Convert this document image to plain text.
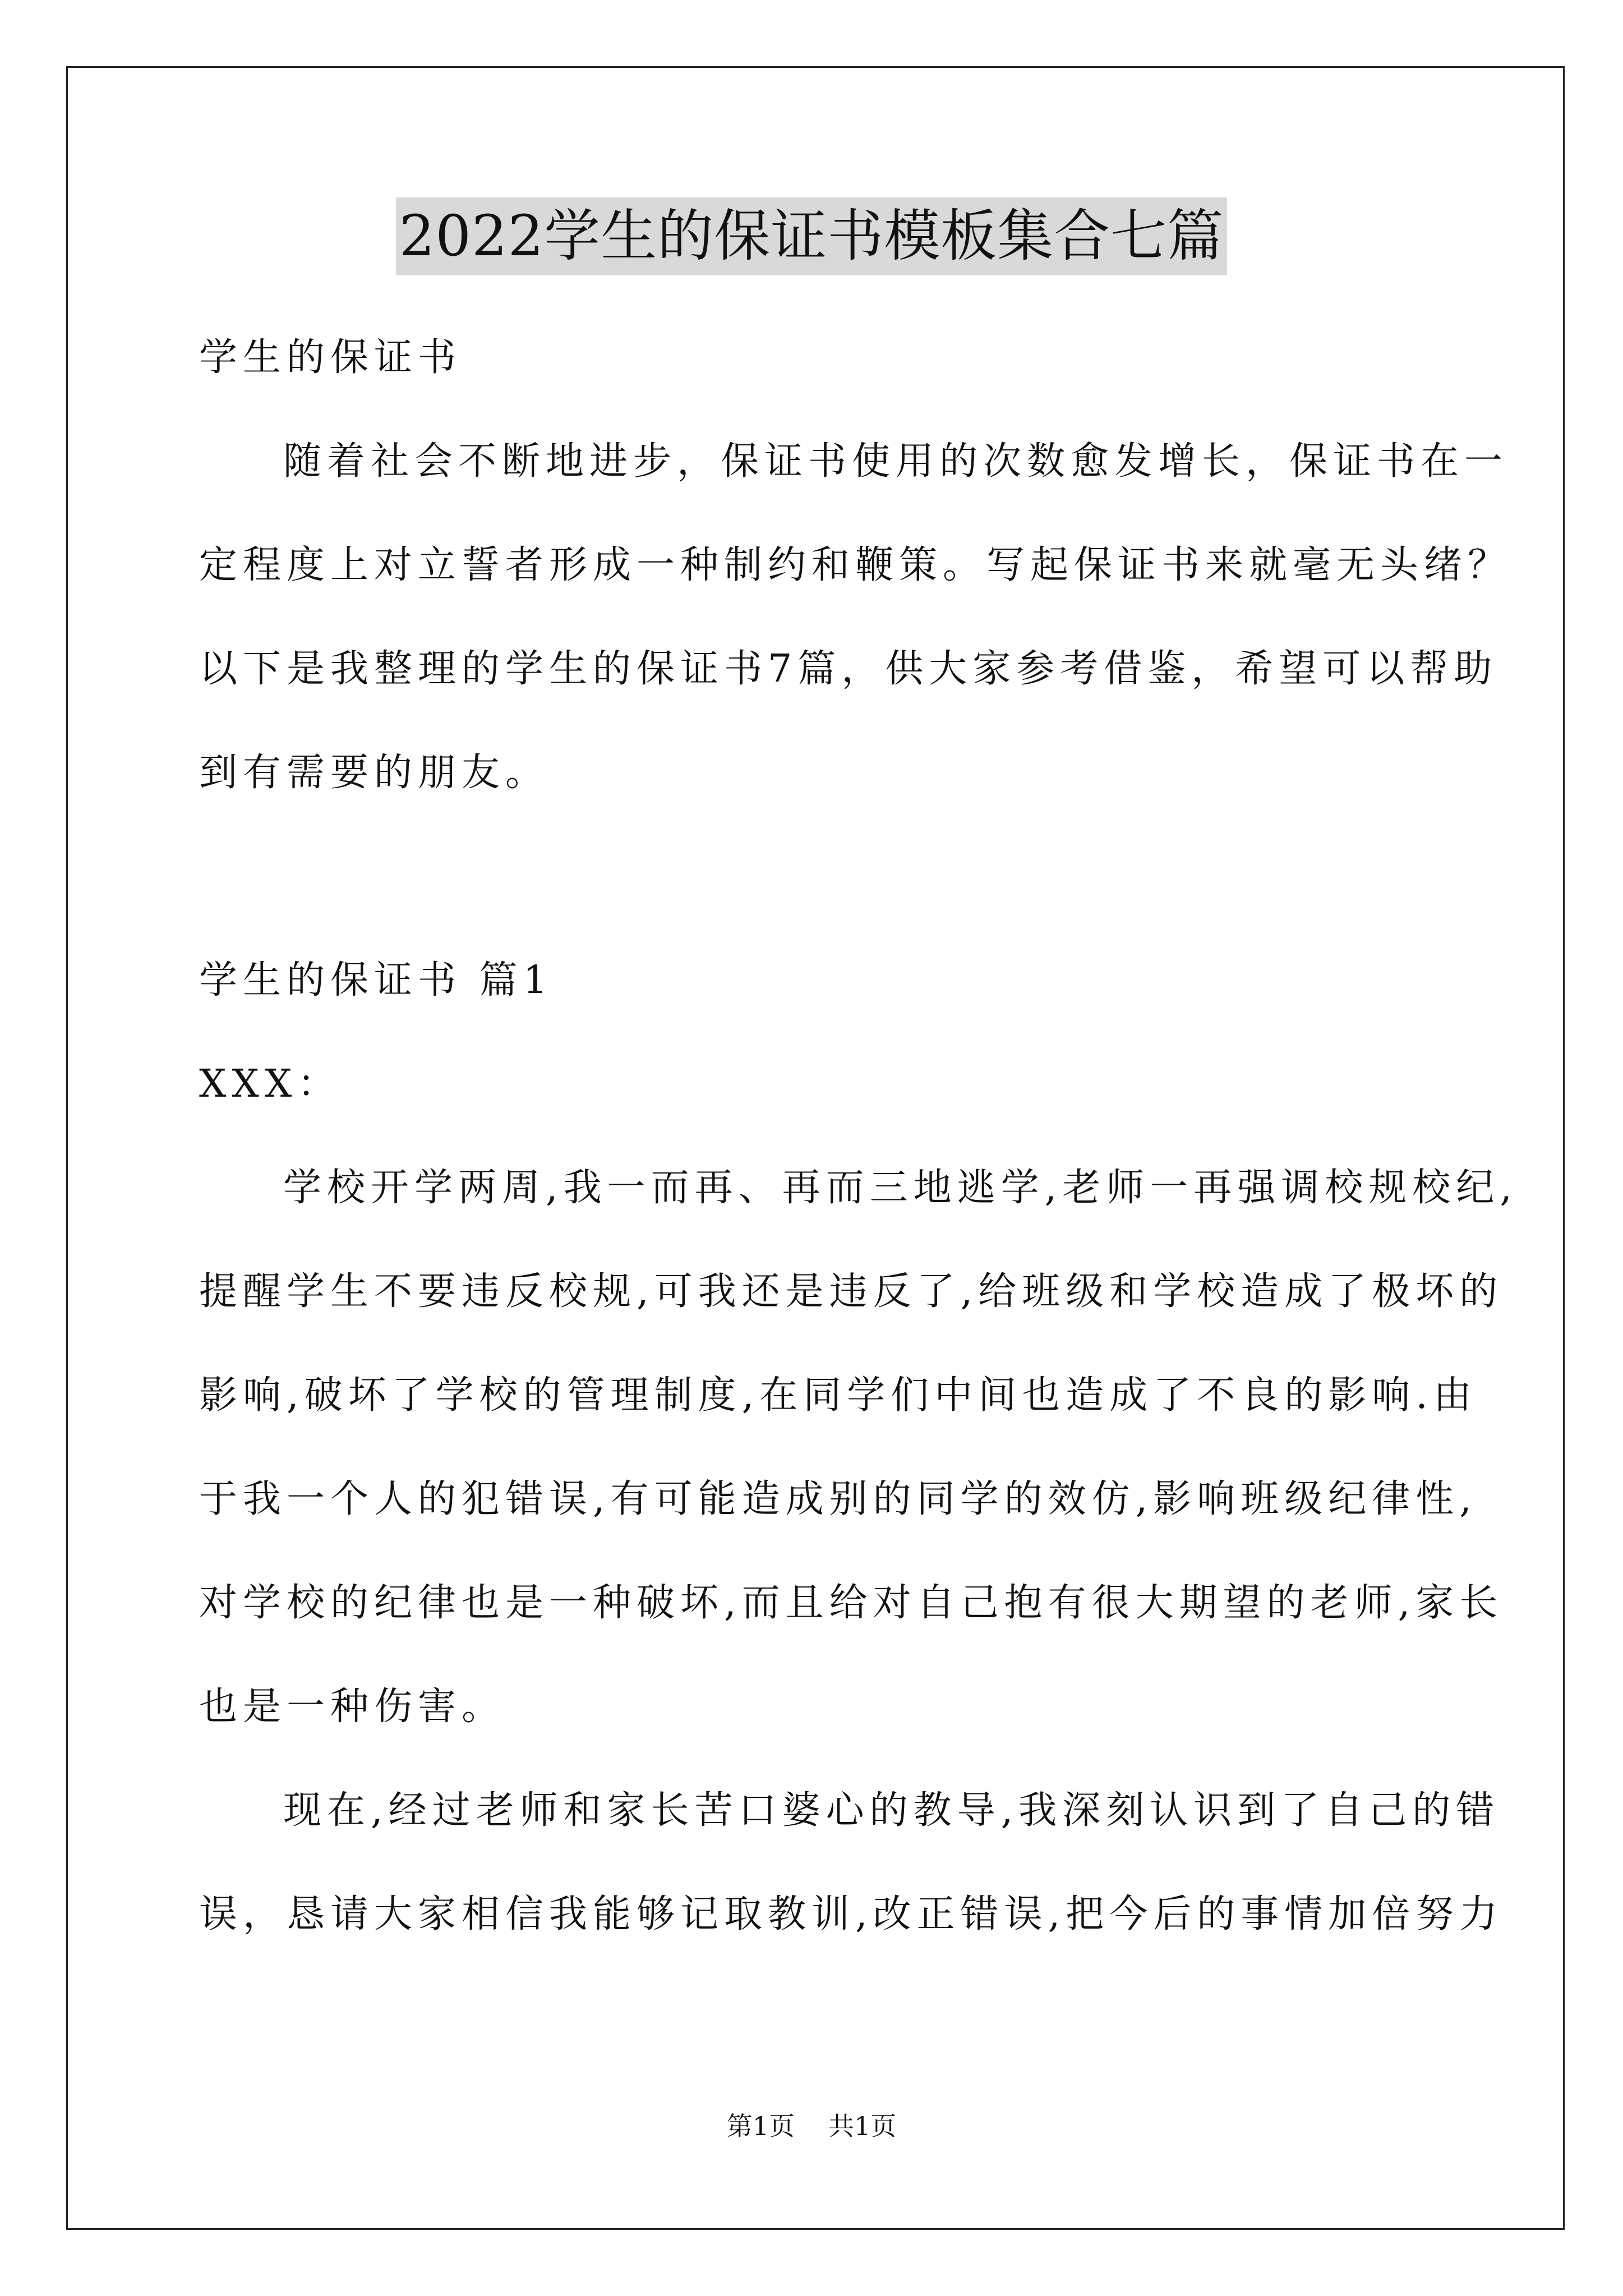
2022学生的保证书模板集合七篇
学生的保证书
随着社会不断地进步，保证书使用的次数愈发增长，保证书在一
定程度上对立誓者形成一种制约和鞭策。写起保证书来就毫无头绪？
以下是我整理的学生的保证书7篇，供大家参考借鉴，希望可以帮助
到有需要的朋友。
学生的保证书 篇1
XXX：
学校开学两周,我一而再、再而三地逃学,老师一再强调校规校纪,
提醒学生不要违反校规,可我还是违反了,给班级和学校造成了极坏的
影响,破坏了学校的管理制度,在同学们中间也造成了不良的影响.由
于我一个人的犯错误,有可能造成别的同学的效仿,影响班级纪律性,
对学校的纪律也是一种破坏,而且给对自己抱有很大期望的老师,家长
也是一种伤害。
现在,经过老师和家长苦口婆心的教导,我深刻认识到了自己的错
误，恳请大家相信我能够记取教训,改正错误,把今后的事情加倍努力
第1页 共1页
